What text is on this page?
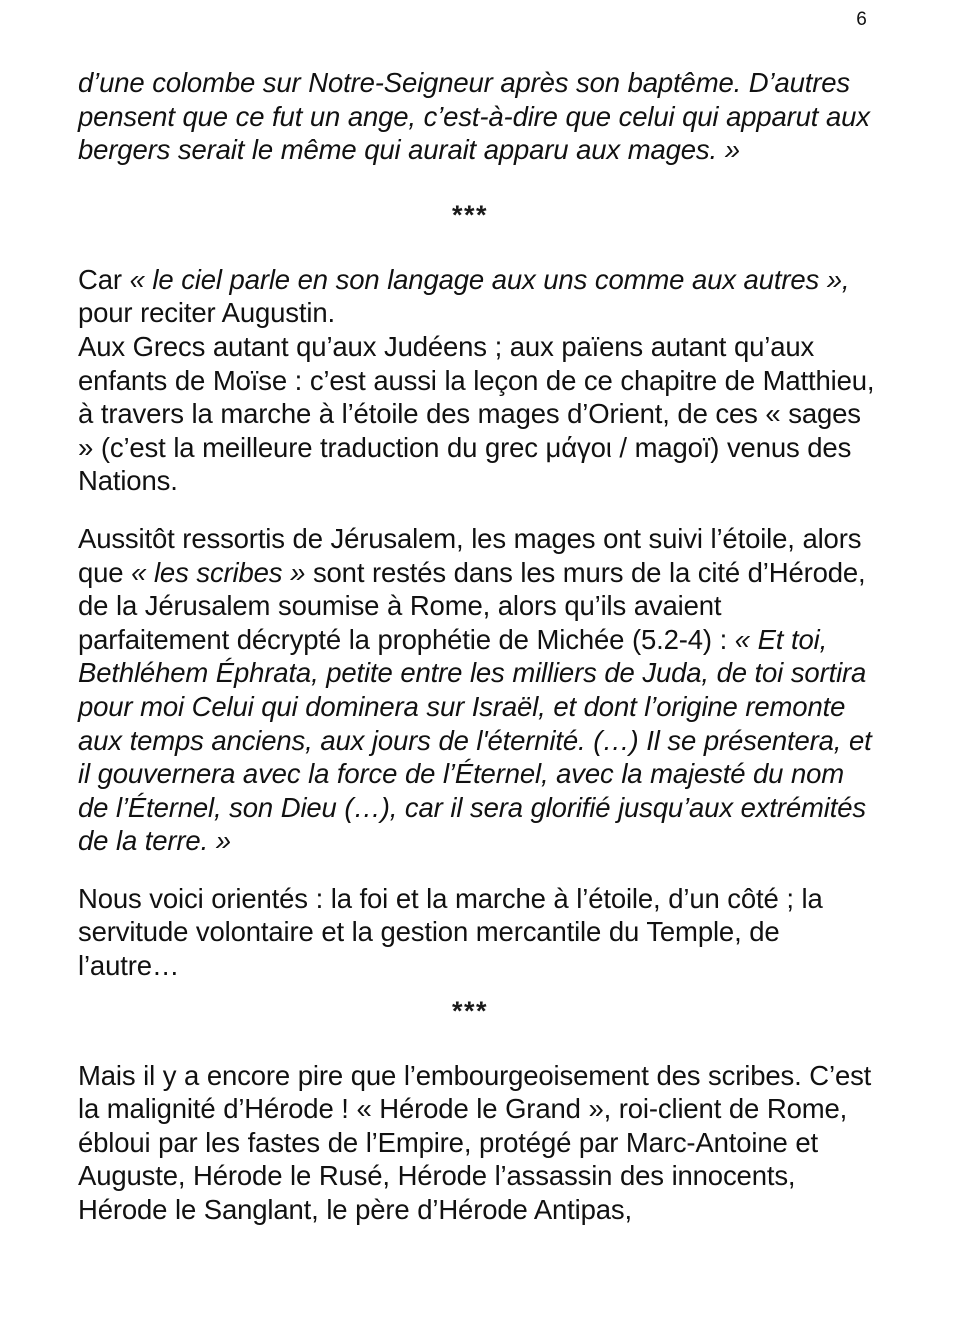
6

d’une colombe sur Notre-Seigneur après son baptême. D’autres pensent que ce fut un ange, c’est-à-dire que celui qui apparut aux bergers serait le même qui aurait apparu aux mages. »

***

Car « le ciel parle en son langage aux uns comme aux autres »,
pour reciter Augustin.

Aux Grecs autant qu’aux Judéens ; aux païens autant qu’aux enfants de Moïse : c’est aussi la leçon de ce chapitre de Matthieu, à travers la marche à l’étoile des mages d’Orient, de ces « sages » (c’est la meilleure traduction du grec μάγοι / magoï) venus des Nations.

Aussitôt ressortis de Jérusalem, les mages ont suivi l’étoile, alors que « les scribes » sont restés dans les murs de la cité d’Hérode, de la Jérusalem soumise à Rome, alors qu’ils avaient parfaitement décrypté la prophétie de Michée (5.2-4) : « Et toi, Bethléhem Éphrata, petite entre les milliers de Juda, de toi sortira pour moi Celui qui dominera sur Israël, et dont l’origine remonte aux temps anciens, aux jours de l'éternité. (…) Il se présentera, et il gouvernera avec la force de l’Éternel, avec la majesté du nom de l’Éternel, son Dieu (…), car il sera glorifié jusqu’aux extrémités de la terre. »

Nous voici orientés : la foi et la marche à l’étoile, d’un côté ; la servitude volontaire et la gestion mercantile du Temple, de l’autre…

***

Mais il y a encore pire que l’embourgeoisement des scribes. C’est la malignité d’Hérode ! « Hérode le Grand », roi-client de Rome, ébloui par les fastes de l’Empire, protégé par Marc-Antoine et Auguste, Hérode le Rusé, Hérode l’assassin des innocents, Hérode le Sanglant, le père d’Hérode Antipas,
